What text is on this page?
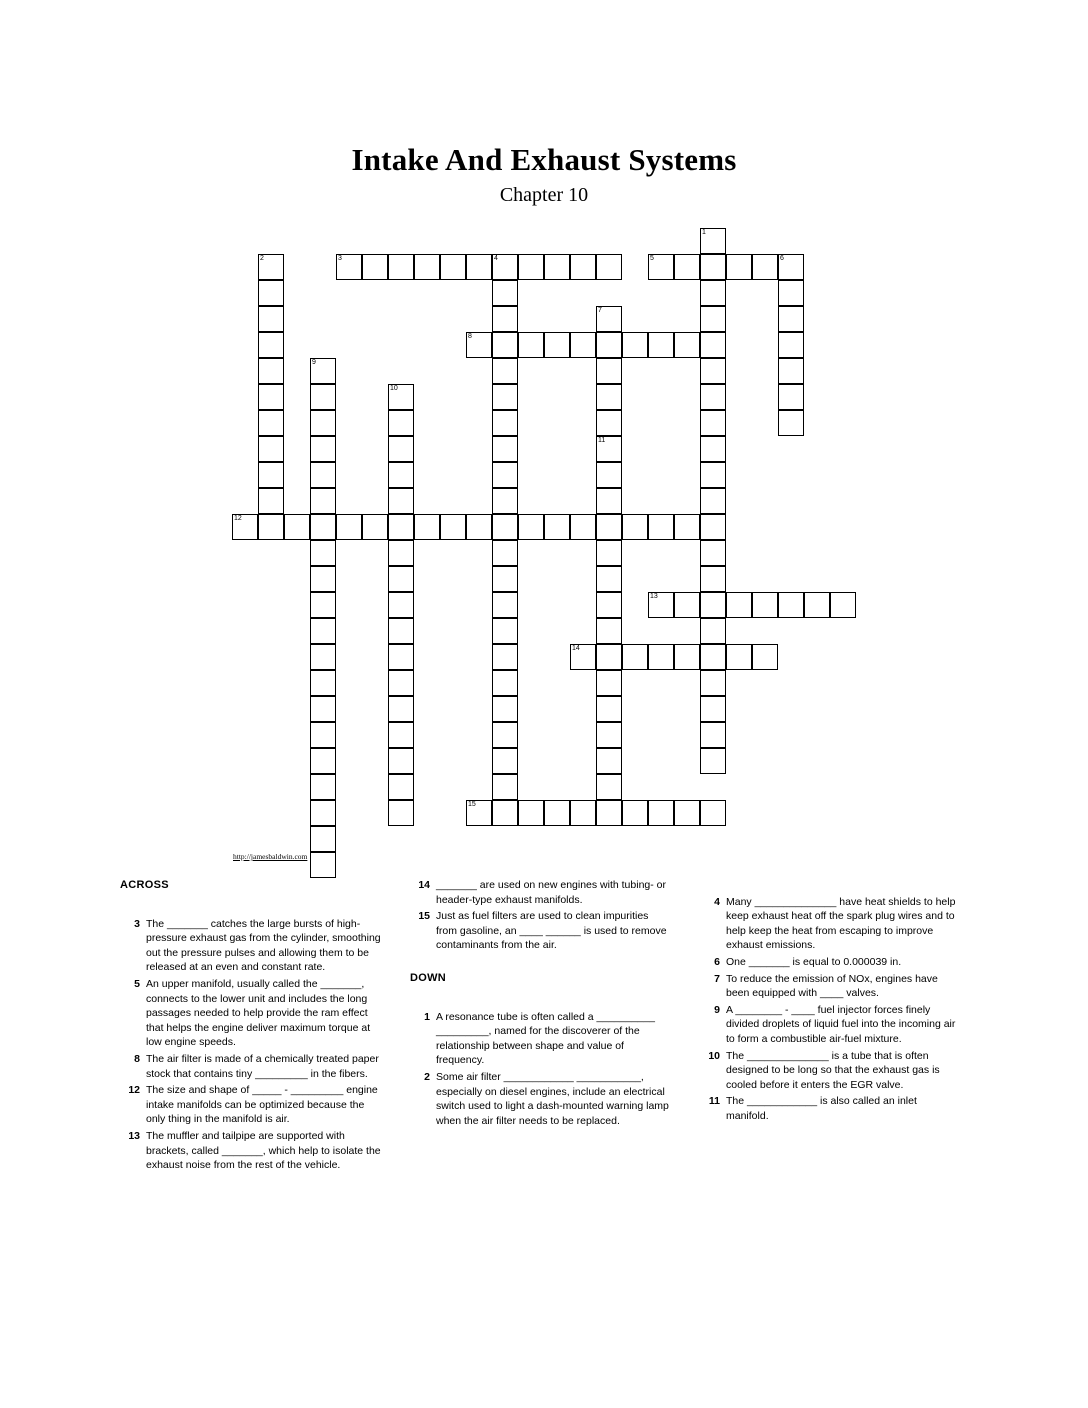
Intake And Exhaust Systems
Chapter 10
1
2	3	4	5	6
7
11
8
9
10
12
13
14
15
http://jamesbaldwin.com
ACROSS
3 The _______ catches the large bursts of high-pressure exhaust gas from the cylinder, smoothing out the pressure pulses and allowing them to be released at an even and constant rate.
5 An upper manifold, usually called the _______, connects to the lower unit and includes the long passages needed to help provide the ram effect that helps the engine deliver maximum torque at low engine speeds.
8 The air filter is made of a chemically treated paper stock that contains tiny _________ in the fibers.
12 The size and shape of _____ - _________ engine intake manifolds can be optimized because the only thing in the manifold is air.
13 The muffler and tailpipe are supported with brackets, called _______, which help to isolate the exhaust noise from the rest of the vehicle.
14 _______ are used on new engines with tubing- or header-type exhaust manifolds.
15 Just as fuel filters are used to clean impurities from gasoline, an ____ ______ is used to remove contaminants from the air.
DOWN
1 A resonance tube is often called a __________ _________, named for the discoverer of the relationship between shape and value of frequency.
2 Some air filter ____________ ___________, especially on diesel engines, include an electrical switch used to light a dash-mounted warning lamp when the air filter needs to be replaced.

4 Many ______________ have heat shields to help keep exhaust heat off the spark plug wires and to help keep the heat from escaping to improve exhaust emissions.
6 One _______ is equal to 0.000039 in.
7 To reduce the emission of NOx, engines have been equipped with ____ valves.
9 A ________ - ____ fuel injector forces finely divided droplets of liquid fuel into the incoming air to form a combustible air-fuel mixture.
10 The ______________ is a tube that is often designed to be long so that the exhaust gas is cooled before it enters the EGR valve.
11 The ____________ is also called an inlet manifold.
